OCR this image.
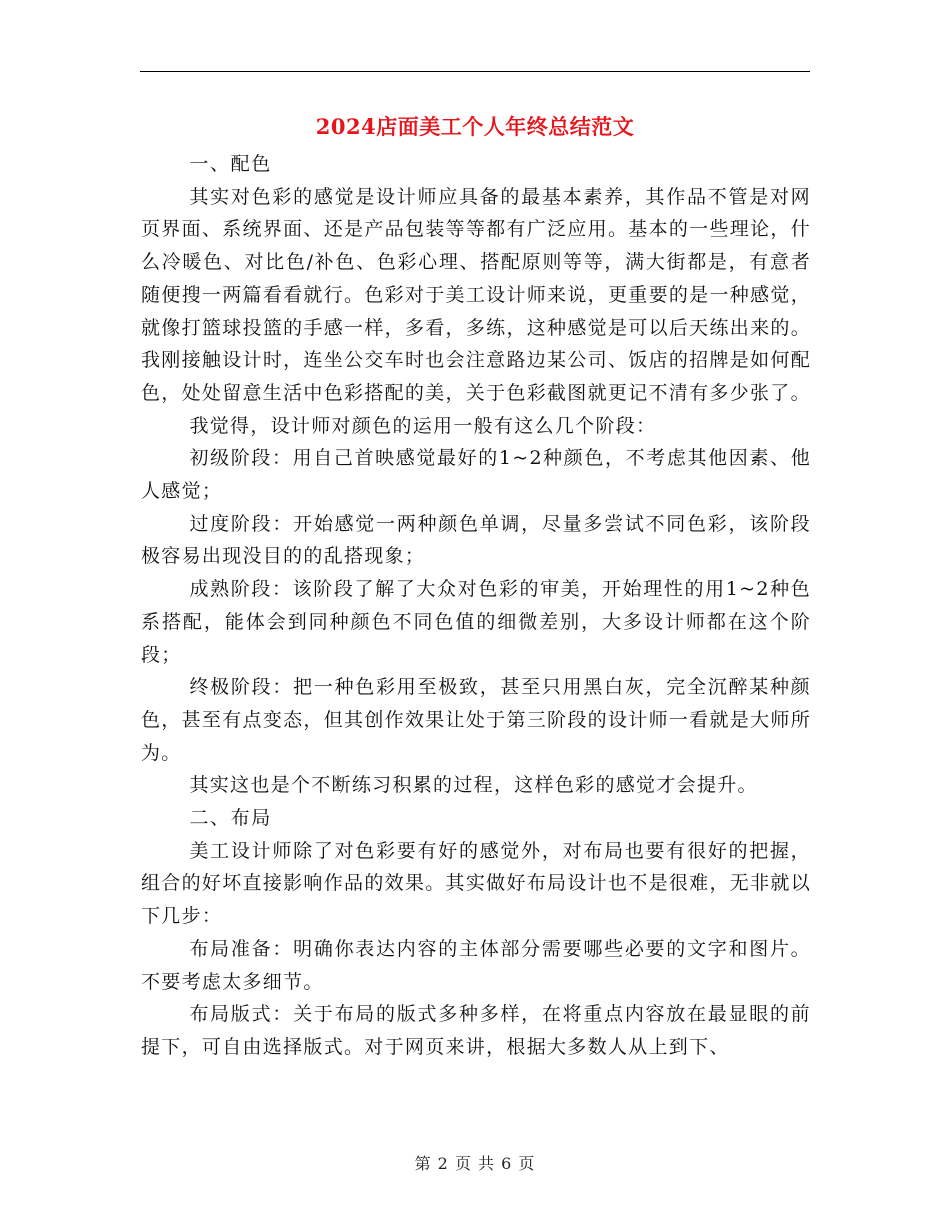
2024店面美工个人年终总结范文

一、配色

其实对色彩的感觉是设计师应具备的最基本素养，其作品不管是对网页界面、系统界面、还是产品包装等等都有广泛应用。基本的一些理论，什么冷暖色、对比色/补色、色彩心理、搭配原则等等，满大街都是，有意者随便搜一两篇看看就行。色彩对于美工设计师来说，更重要的是一种感觉，就像打篮球投篮的手感一样，多看，多练，这种感觉是可以后天练出来的。我刚接触设计时，连坐公交车时也会注意路边某公司、饭店的招牌是如何配色，处处留意生活中色彩搭配的美，关于色彩截图就更记不清有多少张了。

我觉得，设计师对颜色的运用一般有这么几个阶段：

初级阶段：用自己首映感觉最好的1~2种颜色，不考虑其他因素、他人感觉；

过度阶段：开始感觉一两种颜色单调，尽量多尝试不同色彩，该阶段极容易出现没目的的乱搭现象；

成熟阶段：该阶段了解了大众对色彩的审美，开始理性的用1~2种色系搭配，能体会到同种颜色不同色值的细微差别，大多设计师都在这个阶段；

终极阶段：把一种色彩用至极致，甚至只用黑白灰，完全沉醉某种颜色，甚至有点变态，但其创作效果让处于第三阶段的设计师一看就是大师所为。

其实这也是个不断练习积累的过程，这样色彩的感觉才会提升。

二、布局

美工设计师除了对色彩要有好的感觉外，对布局也要有很好的把握，组合的好坏直接影响作品的效果。其实做好布局设计也不是很难，无非就以下几步：

布局准备：明确你表达内容的主体部分需要哪些必要的文字和图片。不要考虑太多细节。

布局版式：关于布局的版式多种多样，在将重点内容放在最显眼的前提下，可自由选择版式。对于网页来讲，根据大多数人从上到下、

第 2 页 共 6 页
